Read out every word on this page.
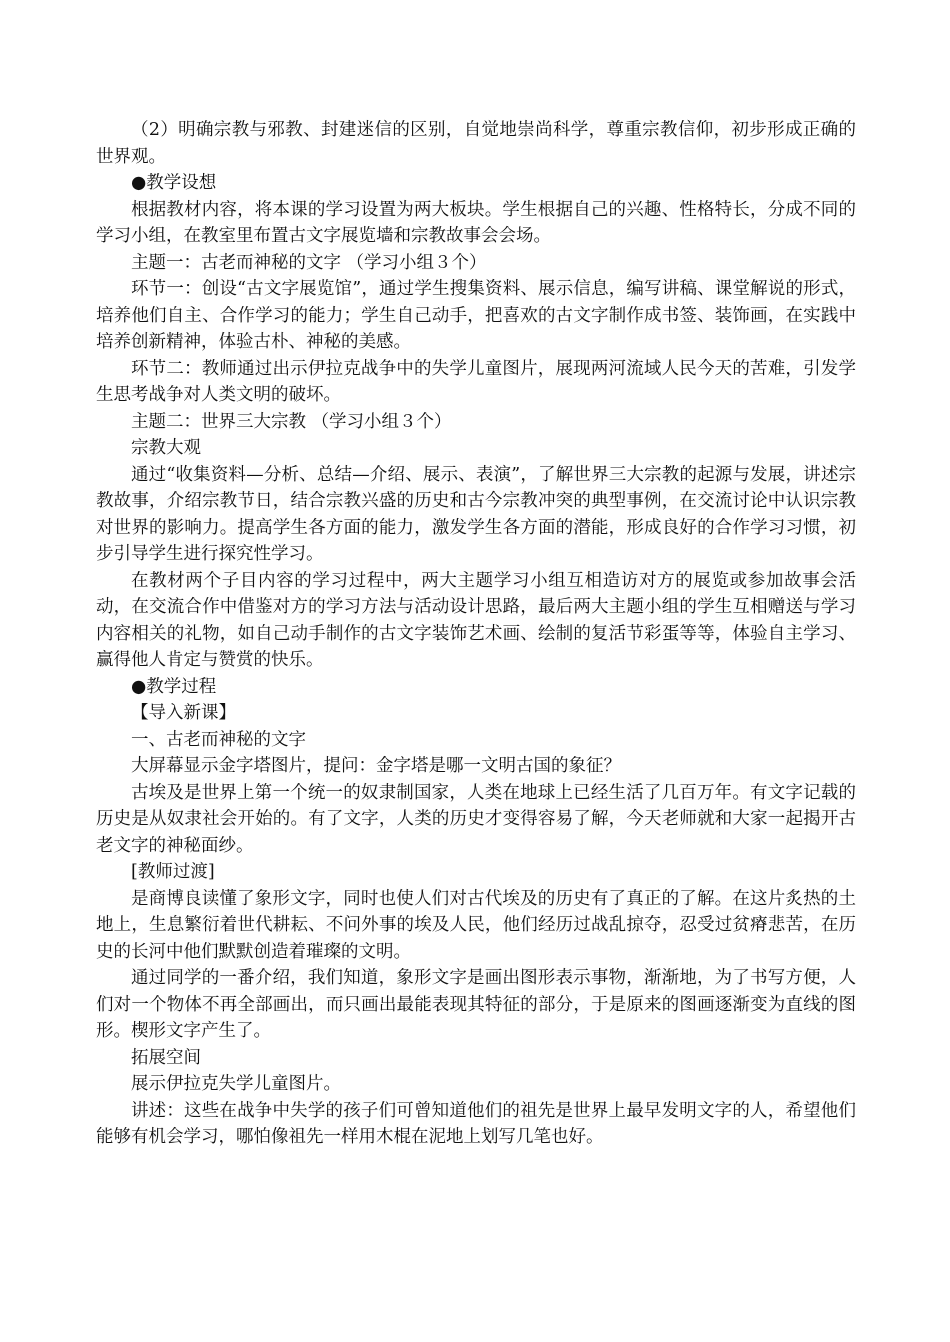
（2）明确宗教与邪教、封建迷信的区别，自觉地崇尚科学，尊重宗教信仰，初步形成正确的世界观。

●教学设想

根据教材内容，将本课的学习设置为两大板块。学生根据自己的兴趣、性格特长，分成不同的学习小组，在教室里布置古文字展览墙和宗教故事会会场。

主题一：古老而神秘的文字 （学习小组３个）

环节一：创设“古文字展览馆”，通过学生搜集资料、展示信息，编写讲稿、课堂解说的形式，培养他们自主、合作学习的能力；学生自己动手，把喜欢的古文字制作成书签、装饰画，在实践中培养创新精神，体验古朴、神秘的美感。

环节二：教师通过出示伊拉克战争中的失学儿童图片，展现两河流域人民今天的苦难，引发学生思考战争对人类文明的破坏。

主题二：世界三大宗教 （学习小组３个）

宗教大观

通过“收集资料—分析、总结—介绍、展示、表演”，了解世界三大宗教的起源与发展，讲述宗教故事，介绍宗教节日，结合宗教兴盛的历史和古今宗教冲突的典型事例，在交流讨论中认识宗教对世界的影响力。提高学生各方面的能力，激发学生各方面的潜能，形成良好的合作学习习惯，初步引导学生进行探究性学习。

在教材两个子目内容的学习过程中，两大主题学习小组互相造访对方的展览或参加故事会活动，在交流合作中借鉴对方的学习方法与活动设计思路，最后两大主题小组的学生互相赠送与学习内容相关的礼物，如自己动手制作的古文字装饰艺术画、绘制的复活节彩蛋等等，体验自主学习、赢得他人肯定与赞赏的快乐。

●教学过程

【导入新课】

一、古老而神秘的文字

大屏幕显示金字塔图片，提问：金字塔是哪一文明古国的象征？

古埃及是世界上第一个统一的奴隶制国家，人类在地球上已经生活了几百万年。有文字记载的历史是从奴隶社会开始的。有了文字，人类的历史才变得容易了解，今天老师就和大家一起揭开古老文字的神秘面纱。

[教师过渡]

是商博良读懂了象形文字，同时也使人们对古代埃及的历史有了真正的了解。在这片炙热的土地上，生息繁衍着世代耕耘、不问外事的埃及人民，他们经历过战乱掠夺，忍受过贫瘠悲苦，在历史的长河中他们默默创造着璀璨的文明。

通过同学的一番介绍，我们知道，象形文字是画出图形表示事物，渐渐地，为了书写方便，人们对一个物体不再全部画出，而只画出最能表现其特征的部分，于是原来的图画逐渐变为直线的图形。楔形文字产生了。

拓展空间

展示伊拉克失学儿童图片。

讲述：这些在战争中失学的孩子们可曾知道他们的祖先是世界上最早发明文字的人，希望他们能够有机会学习，哪怕像祖先一样用木棍在泥地上划写几笔也好。
